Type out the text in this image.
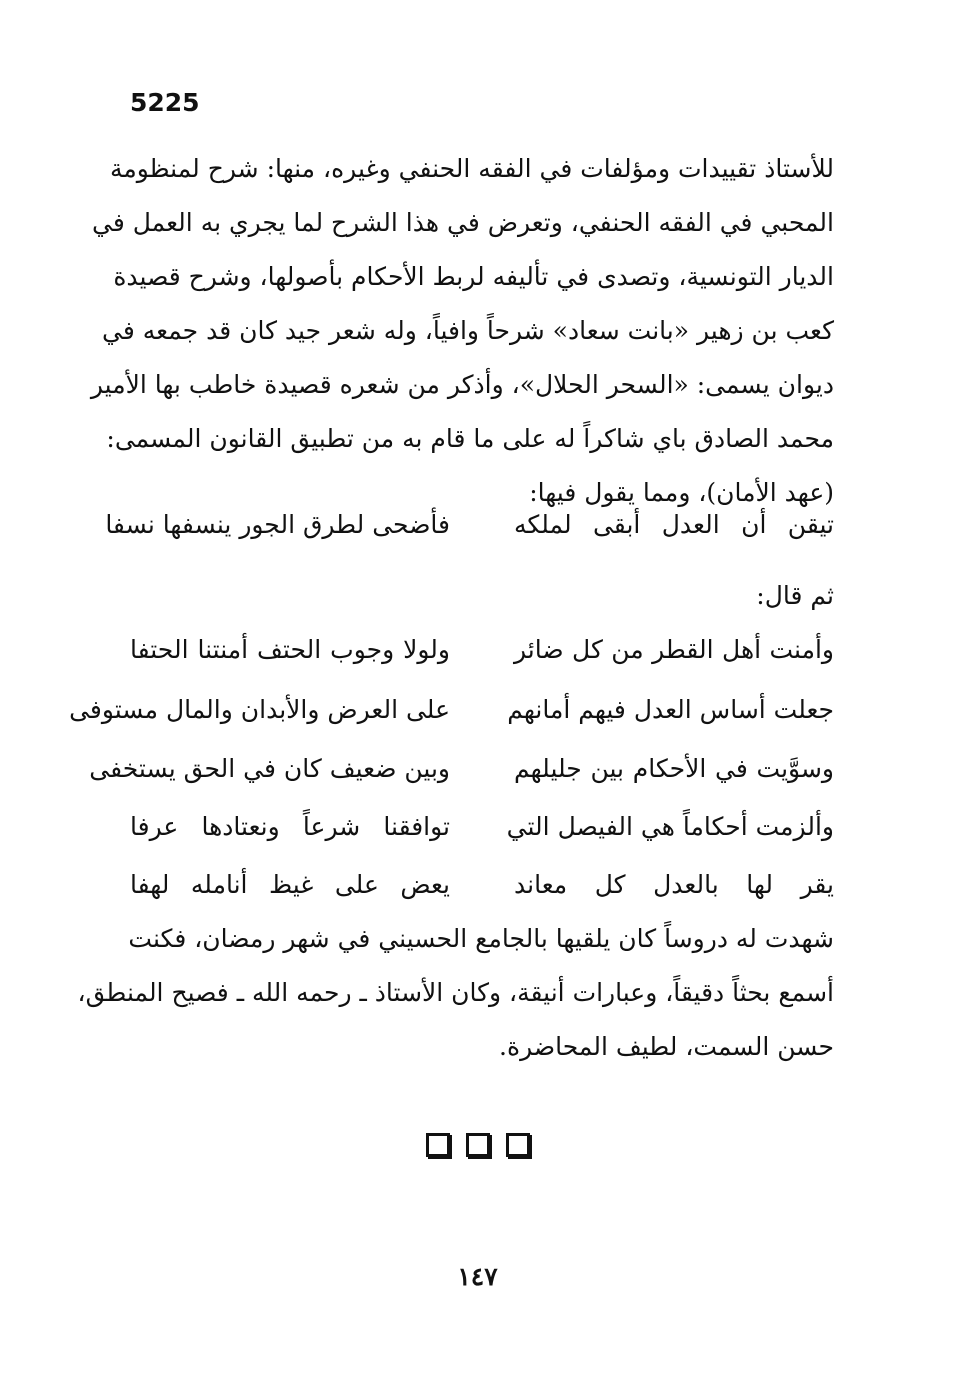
5225
للأستاذ تقييدات ومؤلفات في الفقه الحنفي وغيره، منها: شرح لمنظومة
المحبي في الفقه الحنفي، وتعرض في هذا الشرح لما يجري به العمل في
الديار التونسية، وتصدى في تأليفه لربط الأحكام بأصولها، وشرح قصيدة
كعب بن زهير «بانت سعاد» شرحاً وافياً، وله شعر جيد كان قد جمعه في
ديوان يسمى: «السحر الحلال»، وأذكر من شعره قصيدة خاطب بها الأمير
محمد الصادق باي شاكراً له على ما قام به من تطبيق القانون المسمى:
(عهد الأمان)، ومما يقول فيها:
تيقن أن العدل أبقى لملكه
فأضحى لطرق الجور ينسفها نسفا
ثم قال:
وأمنت أهل القطر من كل ضائر
ولولا وجوب الحتف أمنتنا الحتفا
جعلت أساس العدل فيهم أمانهم
على العرض والأبدان والمال مستوفى
وسوَّيت في الأحكام بين جليلهم
وبين ضعيف كان في الحق يستخفى
وألزمت أحكاماً هي الفيصل التي
توافقنا شرعاً ونعتادها عرفا
يقر لها بالعدل كل معاند
يعض على غيظ أنامله لهفا
شهدت له دروساً كان يلقيها بالجامع الحسيني في شهر رمضان، فكنت
أسمع بحثاً دقيقاً، وعبارات أنيقة، وكان الأستاذ ـ رحمه الله ـ فصيح المنطق،
حسن السمت، لطيف المحاضرة.

١٤٧
